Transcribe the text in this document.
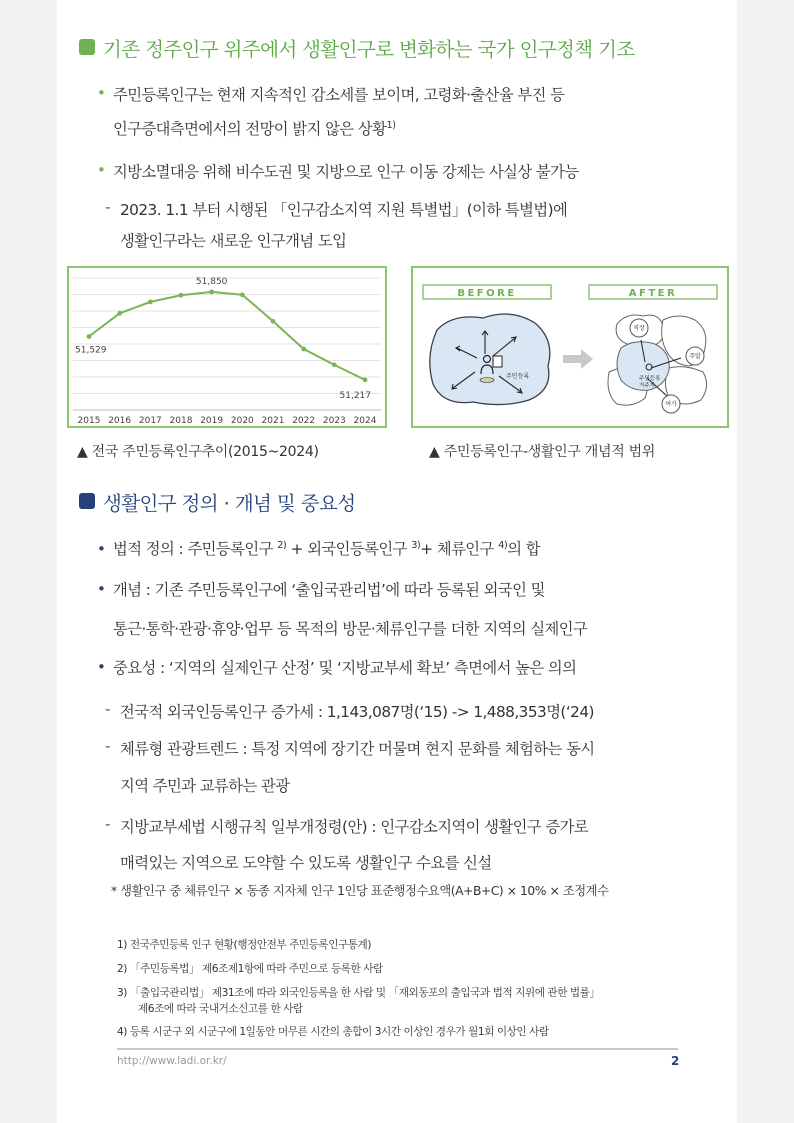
기존 정주인구 위주에서 생활인구로 변화하는 국가 인구정책 기조
• 주민등록인구는 현재 지속적인 감소세를 보이며, 고령화·출산율 부진 등
인구증대측면에서의 전망이 밝지 않은 상황$^{1)}$
• 지방소멸대응 위해 비수도권 및 지방으로 인구 이동 강제는 사실상 불가능
- 2023. 1.1 부터 시행된 「인구감소지역 지원 특별법」(이하 특별법)에
생활인구라는 새로운 인구개념 도입
2015 2016 2017 2018 2019 2020 2021 2022 2023 2024
51,529
51,850
51,217
BEFORE	AFTER
주민등록
직장
주말
여가
주민등록
거주지
▲ 전국 주민등록인구추이(2015~2024)	▲ 주민등록인구-생활인구 개념적 범위
생활인구 정의 · 개념 및 중요성
• 법적 정의 : 주민등록인구 $^{2)}$ + 외국인등록인구 $^{3)}$+ 체류인구 $^{4)}$의 합
• 개념 : 기존 주민등록인구에 ‘출입국관리법’에 따라 등록된 외국인 및
통근·통학·관광·휴양·업무 등 목적의 방문·체류인구를 더한 지역의 실제인구
• 중요성 : ‘지역의 실제인구 산정’ 및 ‘지방교부세 확보’ 측면에서 높은 의의
- 전국적 외국인등록인구 증가세 : 1,143,087명(‘15) -> 1,488,353명(‘24)
- 체류형 관광트렌드 : 특정 지역에 장기간 머물며 현지 문화를 체험하는 동시
지역 주민과 교류하는 관광
- 지방교부세법 시행규칙 일부개정령(안) : 인구감소지역이 생활인구 증가로
매력있는 지역으로 도약할 수 있도록 생활인구 수요를 신설
* 생활인구 중 체류인구 × 동종 지자체 인구 1인당 표준행정수요액(A+B+C) × 10% × 조정계수
1) 전국주민등록 인구 현황(행정안전부 주민등록인구통계)
2) 「주민등록법」 제6조제1항에 따라 주민으로 등록한 사람
3) 「출입국관리법」 제31조에 따라 외국인등록을 한 사람 및 「재외동포의 출입국과 법적 지위에 관한 법률」
제6조에 따라 국내거소신고를 한 사람
4) 등록 시군구 외 시군구에 1일동안 머무른 시간의 총합이 3시간 이상인 경우가 월1회 이상인 사람
http://www.ladi.or.kr/	2
